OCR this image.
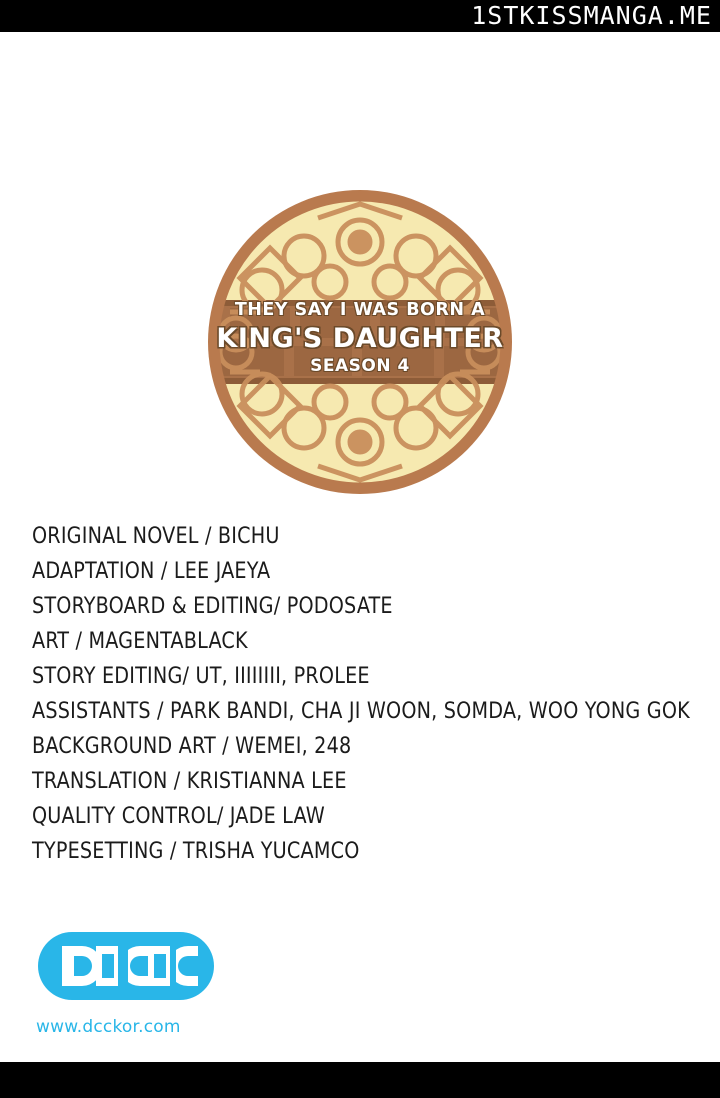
1STKISSMANGA.ME
THEY SAY I WAS BORN A
KING'S DAUGHTER
SEASON 4
ORIGINAL NOVEL / BICHU
ADAPTATION / LEE JAEYA
STORYBOARD & EDITING/ PODOSATE
ART / MAGENTABLACK
STORY EDITING/ UT, IIIIIIII, PROLEE
ASSISTANTS / PARK BANDI, CHA JI WOON, SOMDA, WOO YONG GOK
BACKGROUND ART / WEMEI, 248
TRANSLATION / KRISTIANNA LEE
QUALITY CONTROL/ JADE LAW
TYPESETTING / TRISHA YUCAMCO
www.dcckor.com
